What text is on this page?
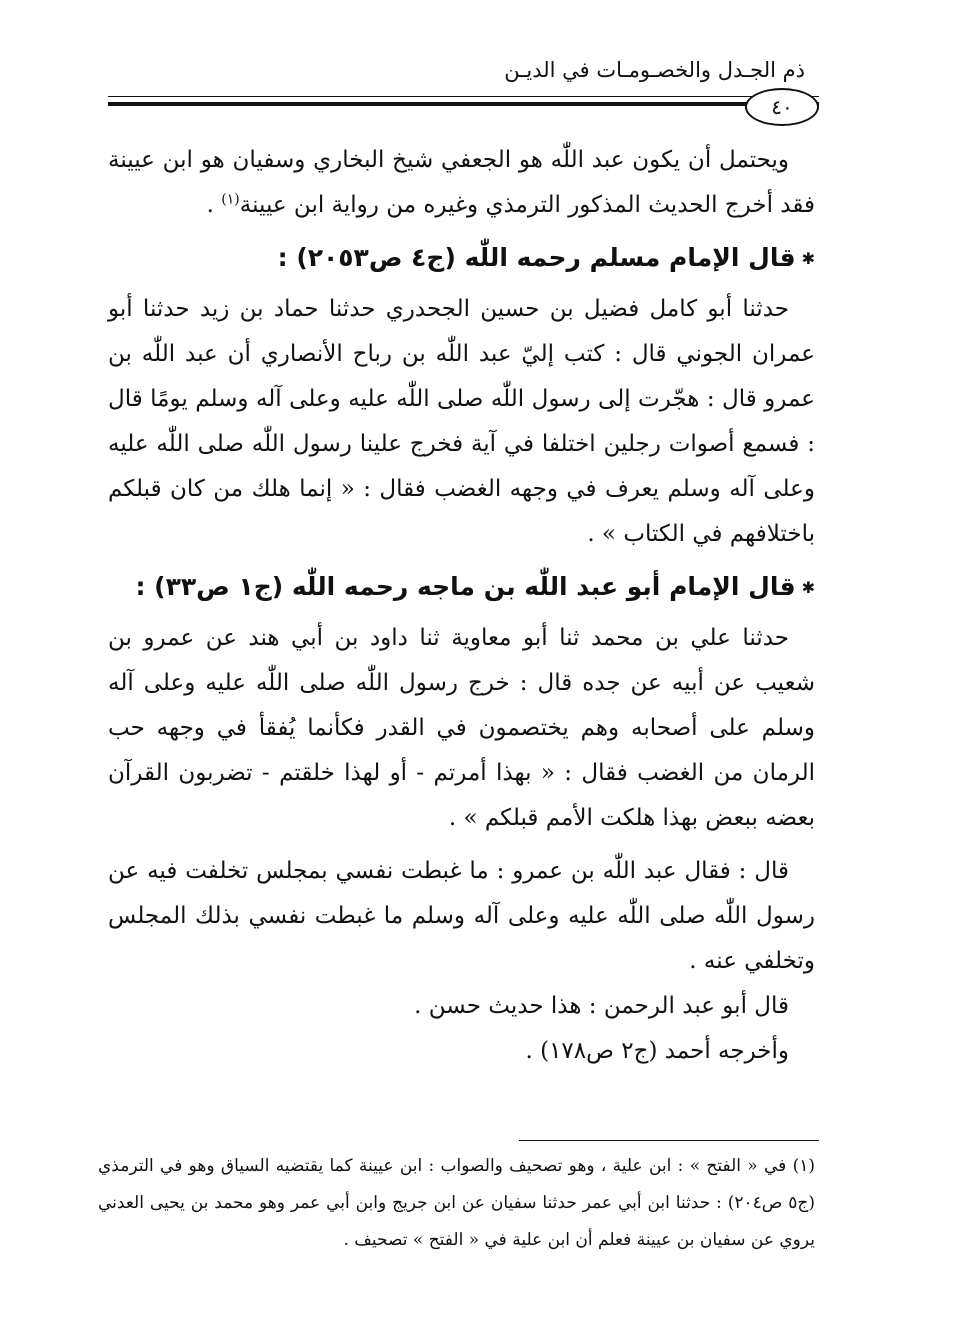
ذم الجـدل والخصـومـات في الديـن
٤٠

ويحتمل أن يكون عبد اللّٰه هو الجعفي شيخ البخاري وسفيان هو ابن عيينة فقد أخرج الحديث المذكور الترمذي وغيره من رواية ابن عيينة$^{(١)}$ .

✱قال الإمام مسلم رحمه اللّٰه (ج٤ ص٢٠٥٣) :

حدثنا أبو كامل فضيل بن حسين الجحدري حدثنا حماد بن زيد حدثنا أبو عمران الجوني قال : كتب إليّ عبد اللّٰه بن رباح الأنصاري أن عبد اللّٰه بن عمرو قال : هجّرت إلى رسول اللّٰه صلى اللّٰه عليه وعلى آله وسلم يومًا قال : فسمع أصوات رجلين اختلفا في آية فخرج علينا رسول اللّٰه صلى اللّٰه عليه وعلى آله وسلم يعرف في وجهه الغضب فقال : « إنما هلك من كان قبلكم باختلافهم في الكتاب » .

✱قال الإمام أبو عبد اللّٰه بن ماجه رحمه اللّٰه (ج١ ص٣٣) :

حدثنا علي بن محمد ثنا أبو معاوية ثنا داود بن أبي هند عن عمرو بن شعيب عن أبيه عن جده قال : خرج رسول اللّٰه صلى اللّٰه عليه وعلى آله وسلم على أصحابه وهم يختصمون في القدر فكأنما يُفقأ في وجهه حب الرمان من الغضب فقال : « بهذا أمرتم - أو لهذا خلقتم - تضربون القرآن بعضه ببعض بهذا هلكت الأمم قبلكم » .

قال : فقال عبد اللّٰه بن عمرو : ما غبطت نفسي بمجلس تخلفت فيه عن رسول اللّٰه صلى اللّٰه عليه وعلى آله وسلم ما غبطت نفسي بذلك المجلس وتخلفي عنه .

قال أبو عبد الرحمن : هذا حديث حسن .

وأخرجه أحمد (ج٢ ص١٧٨) .

(١) في « الفتح » : ابن علية ، وهو تصحيف والصواب : ابن عيينة كما يقتضيه السياق وهو في الترمذي (ج٥ ص٢٠٤) : حدثنا ابن أبي عمر حدثنا سفيان عن ابن جريج وابن أبي عمر وهو محمد بن يحيى العدني يروي عن سفيان بن عيينة فعلم أن ابن علية في « الفتح » تصحيف .
